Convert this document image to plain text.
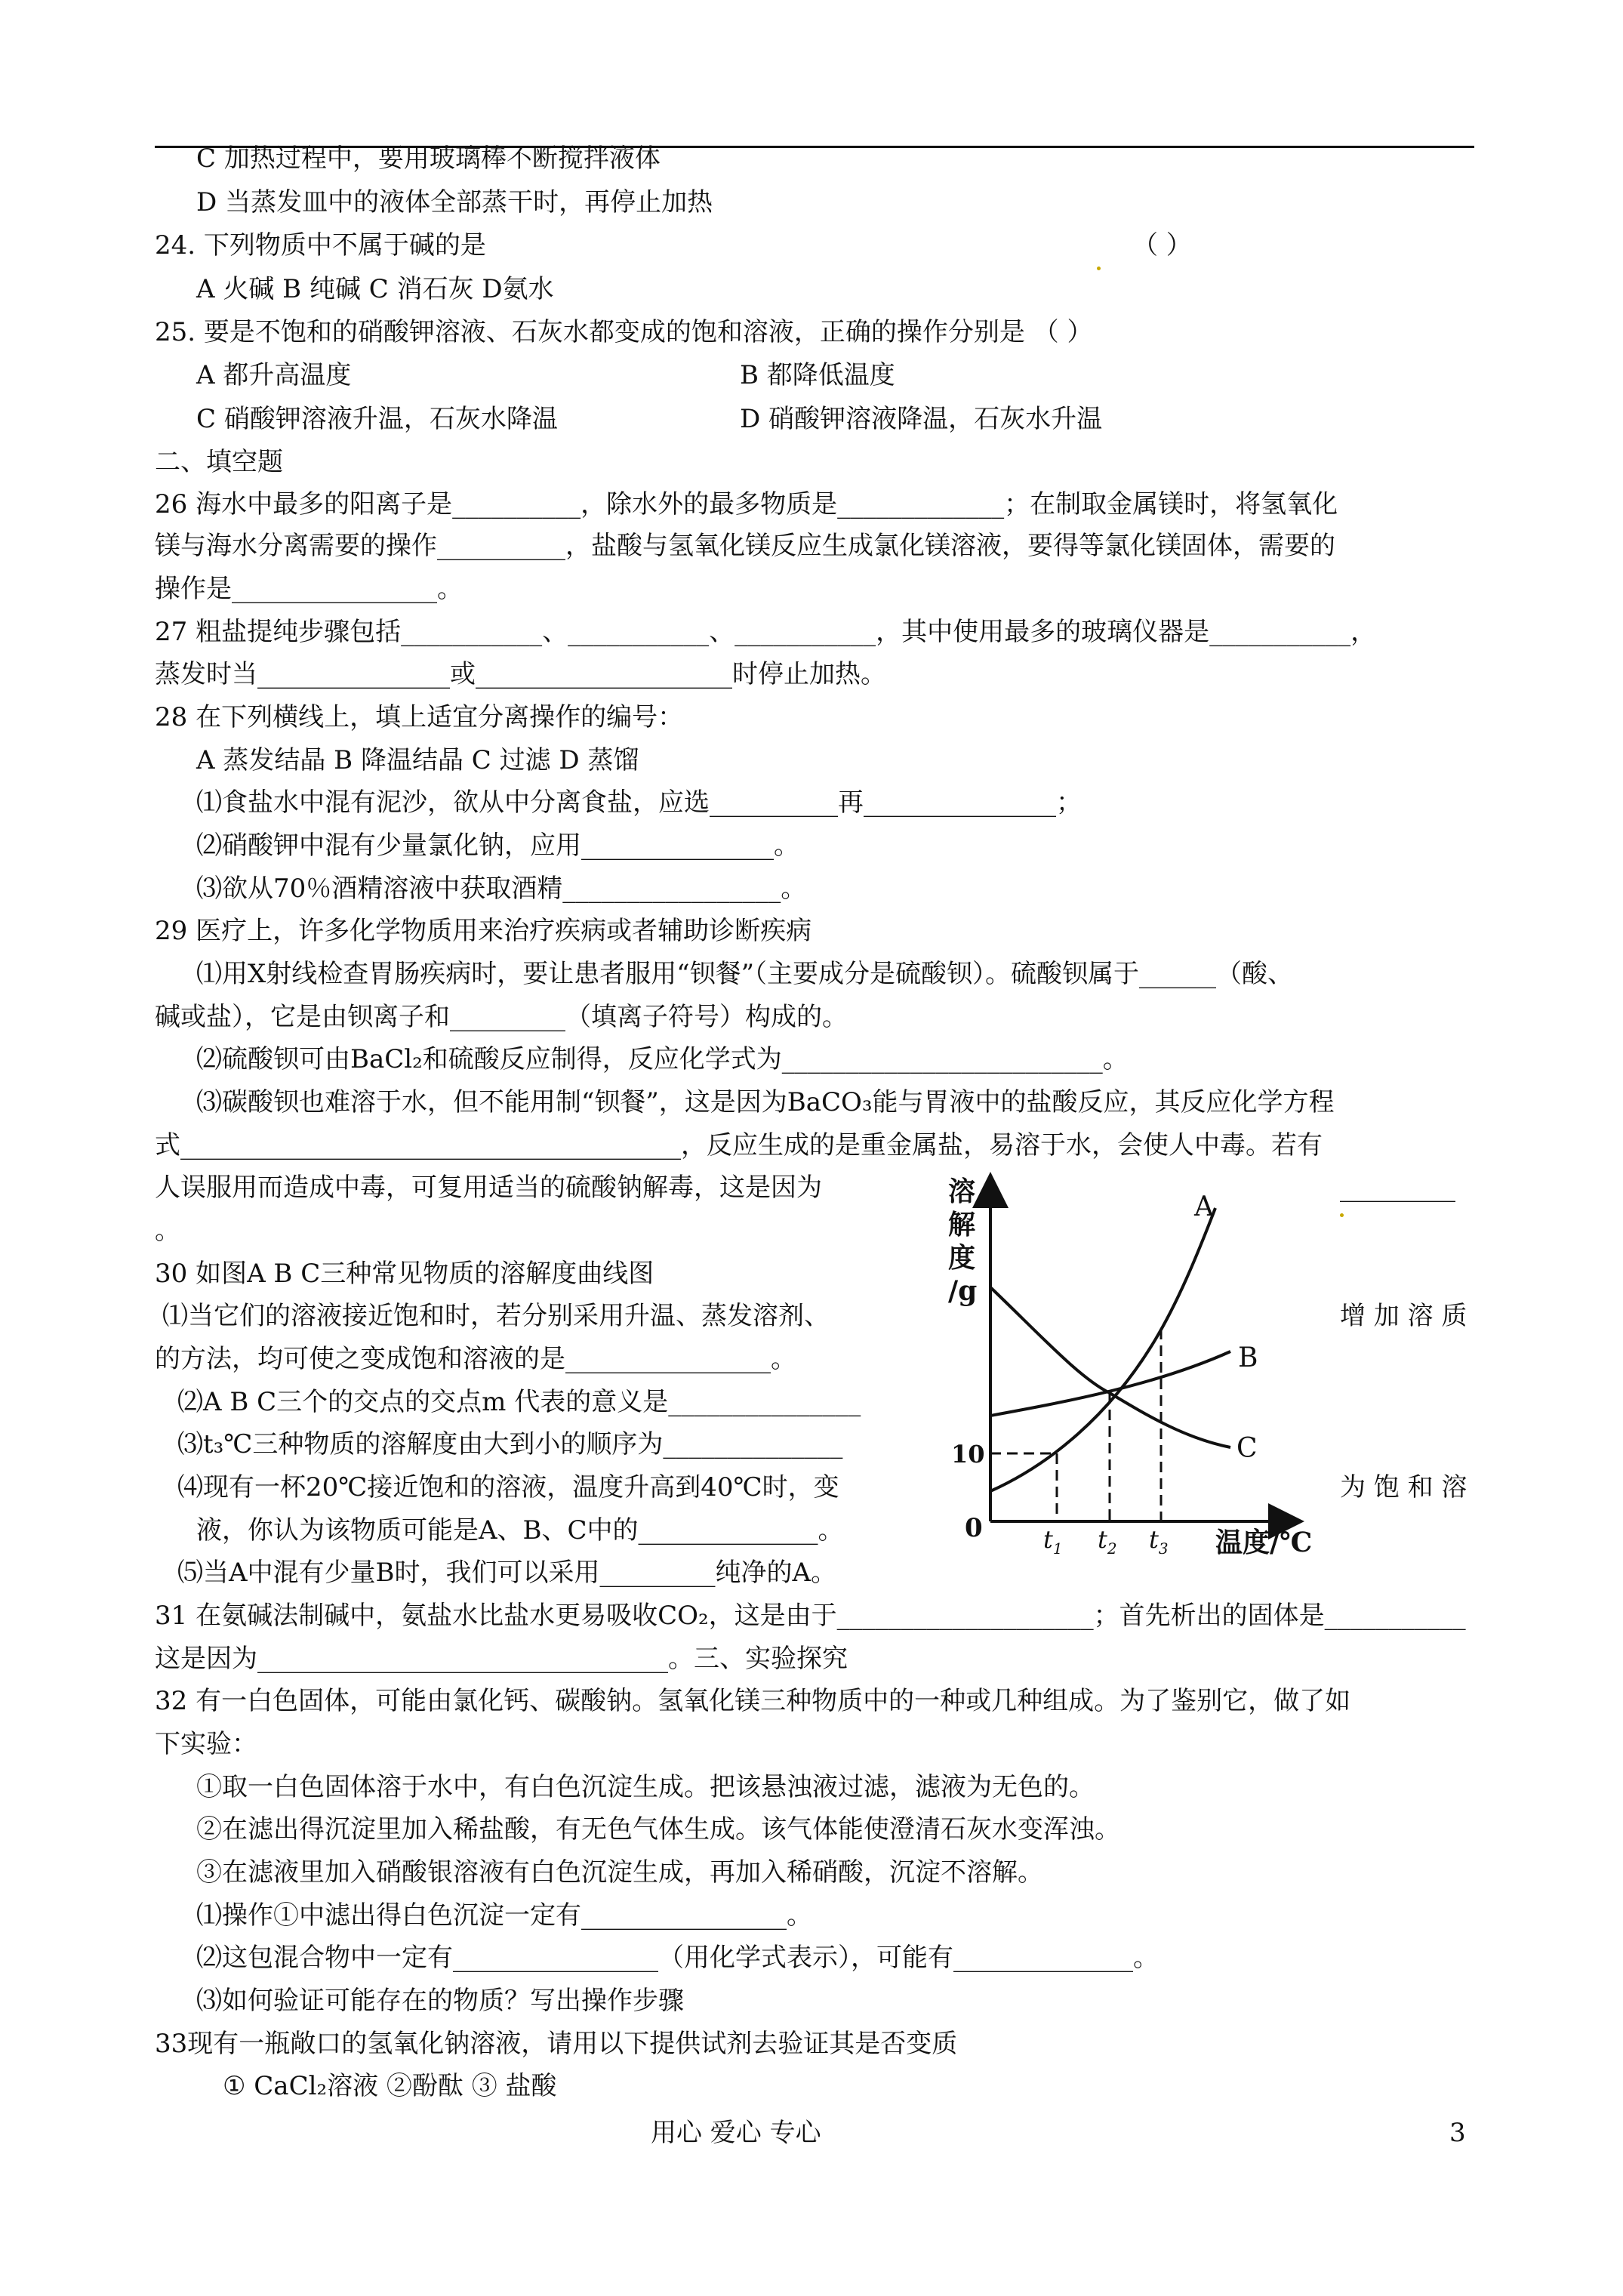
C 加热过程中，要用玻璃棒不断搅拌液体
D 当蒸发皿中的液体全部蒸干时，再停止加热
24. 下列物质中不属于碱的是	（ ）
A 火碱 B 纯碱 C 消石灰 D氨水
25. 要是不饱和的硝酸钾溶液、石灰水都变成的饱和溶液，正确的操作分别是 （ ）
A 都升高温度	B 都降低温度
C 硝酸钾溶液升温，石灰水降温	D 硝酸钾溶液降温，石灰水升温
二、填空题
26 海水中最多的阳离子是__________，除水外的最多物质是_____________；在制取金属镁时，将氢氧化
镁与海水分离需要的操作__________，盐酸与氢氧化镁反应生成氯化镁溶液，要得等氯化镁固体，需要的
操作是________________。
27 粗盐提纯步骤包括___________、___________、___________，其中使用最多的玻璃仪器是___________，
蒸发时当_______________或____________________时停止加热。
28 在下列横线上，填上适宜分离操作的编号：
A 蒸发结晶 B 降温结晶 C 过滤 D 蒸馏
⑴食盐水中混有泥沙，欲从中分离食盐，应选__________再_______________；
⑵硝酸钾中混有少量氯化钠，应用_______________。
⑶欲从70％酒精溶液中获取酒精_________________。
29 医疗上，许多化学物质用来治疗疾病或者辅助诊断疾病
⑴用X射线检查胃肠疾病时，要让患者服用“钡餐”（主要成分是硫酸钡）。硫酸钡属于______（酸、
碱或盐），它是由钡离子和_________（填离子符号）构成的。
⑵硫酸钡可由BaCl₂和硫酸反应制得，反应化学式为_________________________。
⑶碳酸钡也难溶于水，但不能用制“钡餐”，这是因为BaCO₃能与胃液中的盐酸反应，其反应化学方程
式_______________________________________，反应生成的是重金属盐，易溶于水，会使人中毒。若有
人误服用而造成中毒，可复用适当的硫酸钠解毒，这是因为	_________
。
30 如图A B C三种常见物质的溶解度曲线图
⑴当它们的溶液接近饱和时，若分别采用升温、蒸发溶剂、	增 加 溶 质
的方法，均可使之变成饱和溶液的是________________。
⑵A B C三个的交点的交点m 代表的意义是_______________
⑶t₃℃三种物质的溶解度由大到小的顺序为______________
⑷现有一杯20℃接近饱和的溶液，温度升高到40℃时，变	为 饱 和 溶
液，你认为该物质可能是A、B、C中的______________。
⑸当A中混有少量B时，我们可以采用_________纯净的A。
31 在氨碱法制碱中，氨盐水比盐水更易吸收CO₂，这是由于____________________；首先析出的固体是___________
这是因为________________________________。三、实验探究
32 有一白色固体，可能由氯化钙、碳酸钠。氢氧化镁三种物质中的一种或几种组成。为了鉴别它，做了如
下实验：
①取一白色固体溶于水中，有白色沉淀生成。把该悬浊液过滤，滤液为无色的。
②在滤出得沉淀里加入稀盐酸，有无色气体生成。该气体能使澄清石灰水变浑浊。
③在滤液里加入硝酸银溶液有白色沉淀生成，再加入稀硝酸，沉淀不溶解。
⑴操作①中滤出得白色沉淀一定有________________。
⑵这包混合物中一定有________________（用化学式表示），可能有______________。
⑶如何验证可能存在的物质？写出操作步骤
33现有一瓶敞口的氢氧化钠溶液，请用以下提供试剂去验证其是否变质
① CaCl₂溶液 ②酚酞 ③ 盐酸
用心 爱心 专心	3
溶解度/g
0
10
$t_1$ $t_2$ $t_3$ 温度/℃
A
B
C
